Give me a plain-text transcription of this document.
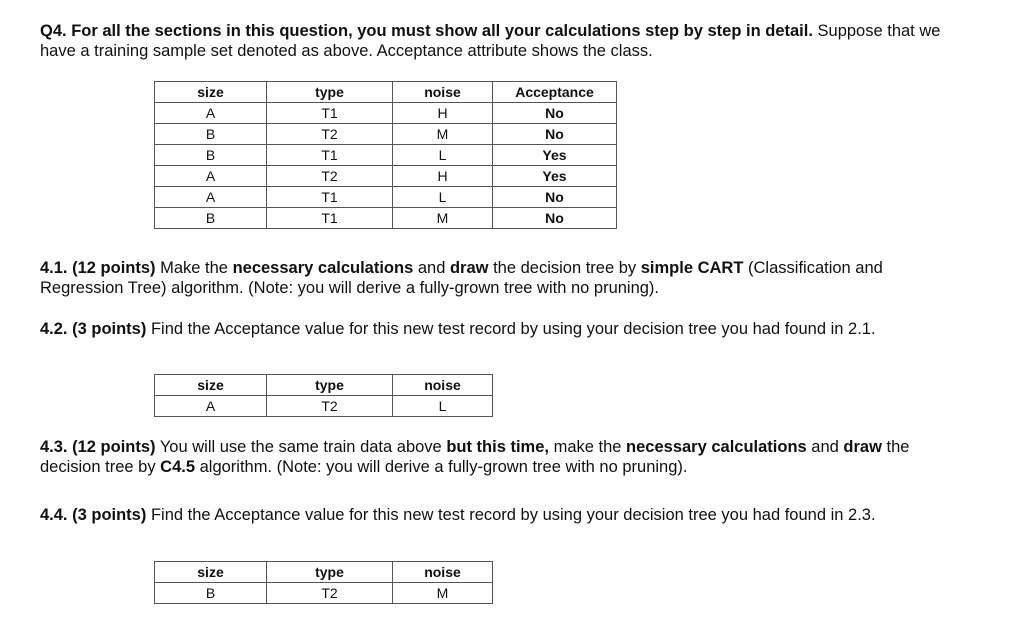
Q4. For all the sections in this question, you must show all your calculations step by step in detail. Suppose that we have a training sample set denoted as above. Acceptance attribute shows the class.

size	type	noise	Acceptance
A	T1	H	No
B	T2	M	No
B	T1	L	Yes
A	T2	H	Yes
A	T1	L	No
B	T1	M	No

4.1. (12 points) Make the necessary calculations and draw the decision tree by simple CART (Classification and Regression Tree) algorithm. (Note: you will derive a fully-grown tree with no pruning).

4.2. (3 points) Find the Acceptance value for this new test record by using your decision tree you had found in 2.1.

size	type	noise
A	T2	L

4.3. (12 points) You will use the same train data above but this time, make the necessary calculations and draw the decision tree by C4.5 algorithm. (Note: you will derive a fully-grown tree with no pruning).

4.4. (3 points) Find the Acceptance value for this new test record by using your decision tree you had found in 2.3.

size	type	noise
B	T2	M
